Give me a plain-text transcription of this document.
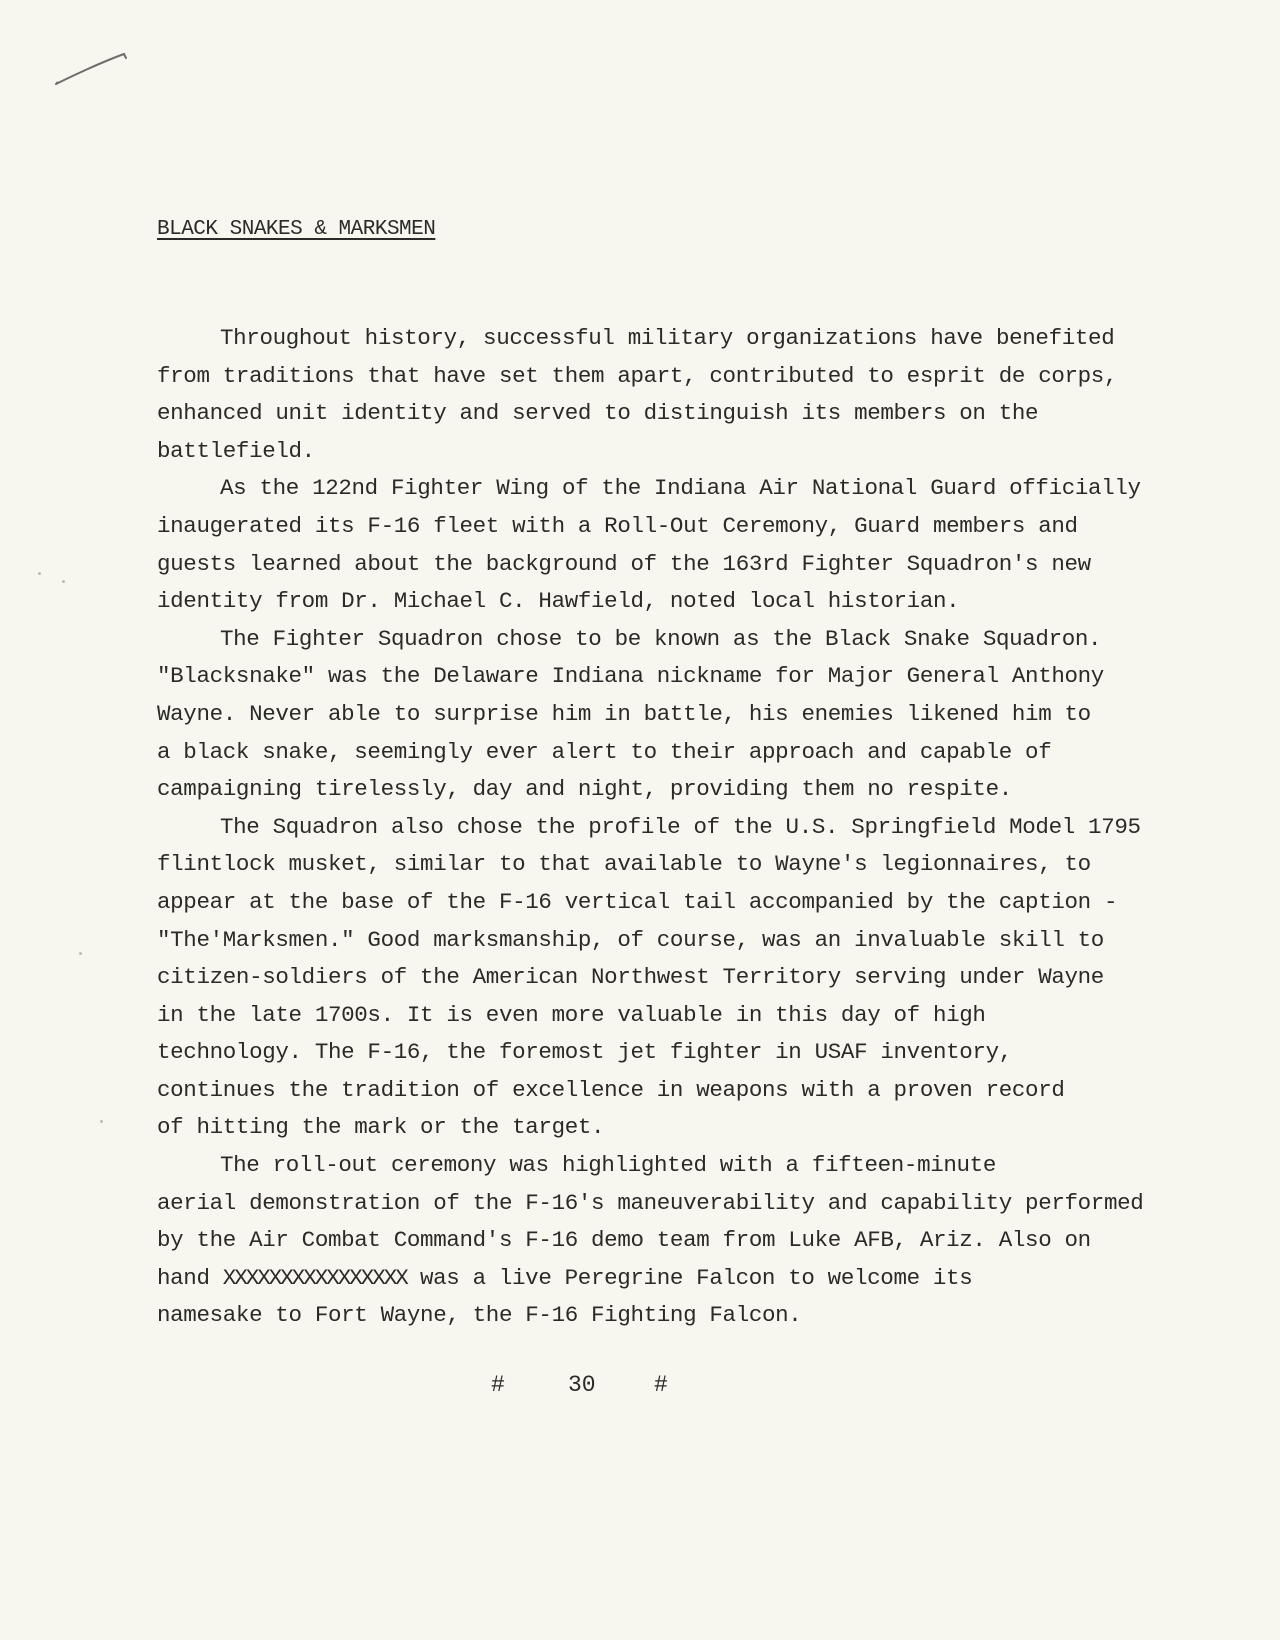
BLACK SNAKES & MARKSMEN
Throughout history, successful military organizations have benefited
from traditions that have set them apart, contributed to esprit de corps,
enhanced unit identity and served to distinguish its members on the
battlefield.
As the 122nd Fighter Wing of the Indiana Air National Guard officially
inaugerated its F-16 fleet with a Roll-Out Ceremony, Guard members and
guests learned about the background of the 163rd Fighter Squadron's new
identity from Dr. Michael C. Hawfield, noted local historian.
The Fighter Squadron chose to be known as the Black Snake Squadron.
"Blacksnake" was the Delaware Indiana nickname for Major General Anthony
Wayne. Never able to surprise him in battle, his enemies likened him to
a black snake, seemingly ever alert to their approach and capable of
campaigning tirelessly, day and night, providing them no respite.
The Squadron also chose the profile of the U.S. Springfield Model 1795
flintlock musket, similar to that available to Wayne's legionnaires, to
appear at the base of the F-16 vertical tail accompanied by the caption -
"The'Marksmen." Good marksmanship, of course, was an invaluable skill to
citizen-soldiers of the American Northwest Territory serving under Wayne
in the late 1700s. It is even more valuable in this day of high
technology. The F-16, the foremost jet fighter in USAF inventory,
continues the tradition of excellence in weapons with a proven record
of hitting the mark or the target.
The roll-out ceremony was highlighted with a fifteen-minute
aerial demonstration of the F-16's maneuverability and capability performed
by the Air Combat Command's F-16 demo team from Luke AFB, Ariz. Also on
hand XXXXXXXXXXXXXXXX was a live Peregrine Falcon to welcome its
namesake to Fort Wayne, the F-16 Fighting Falcon.
#	30	#
